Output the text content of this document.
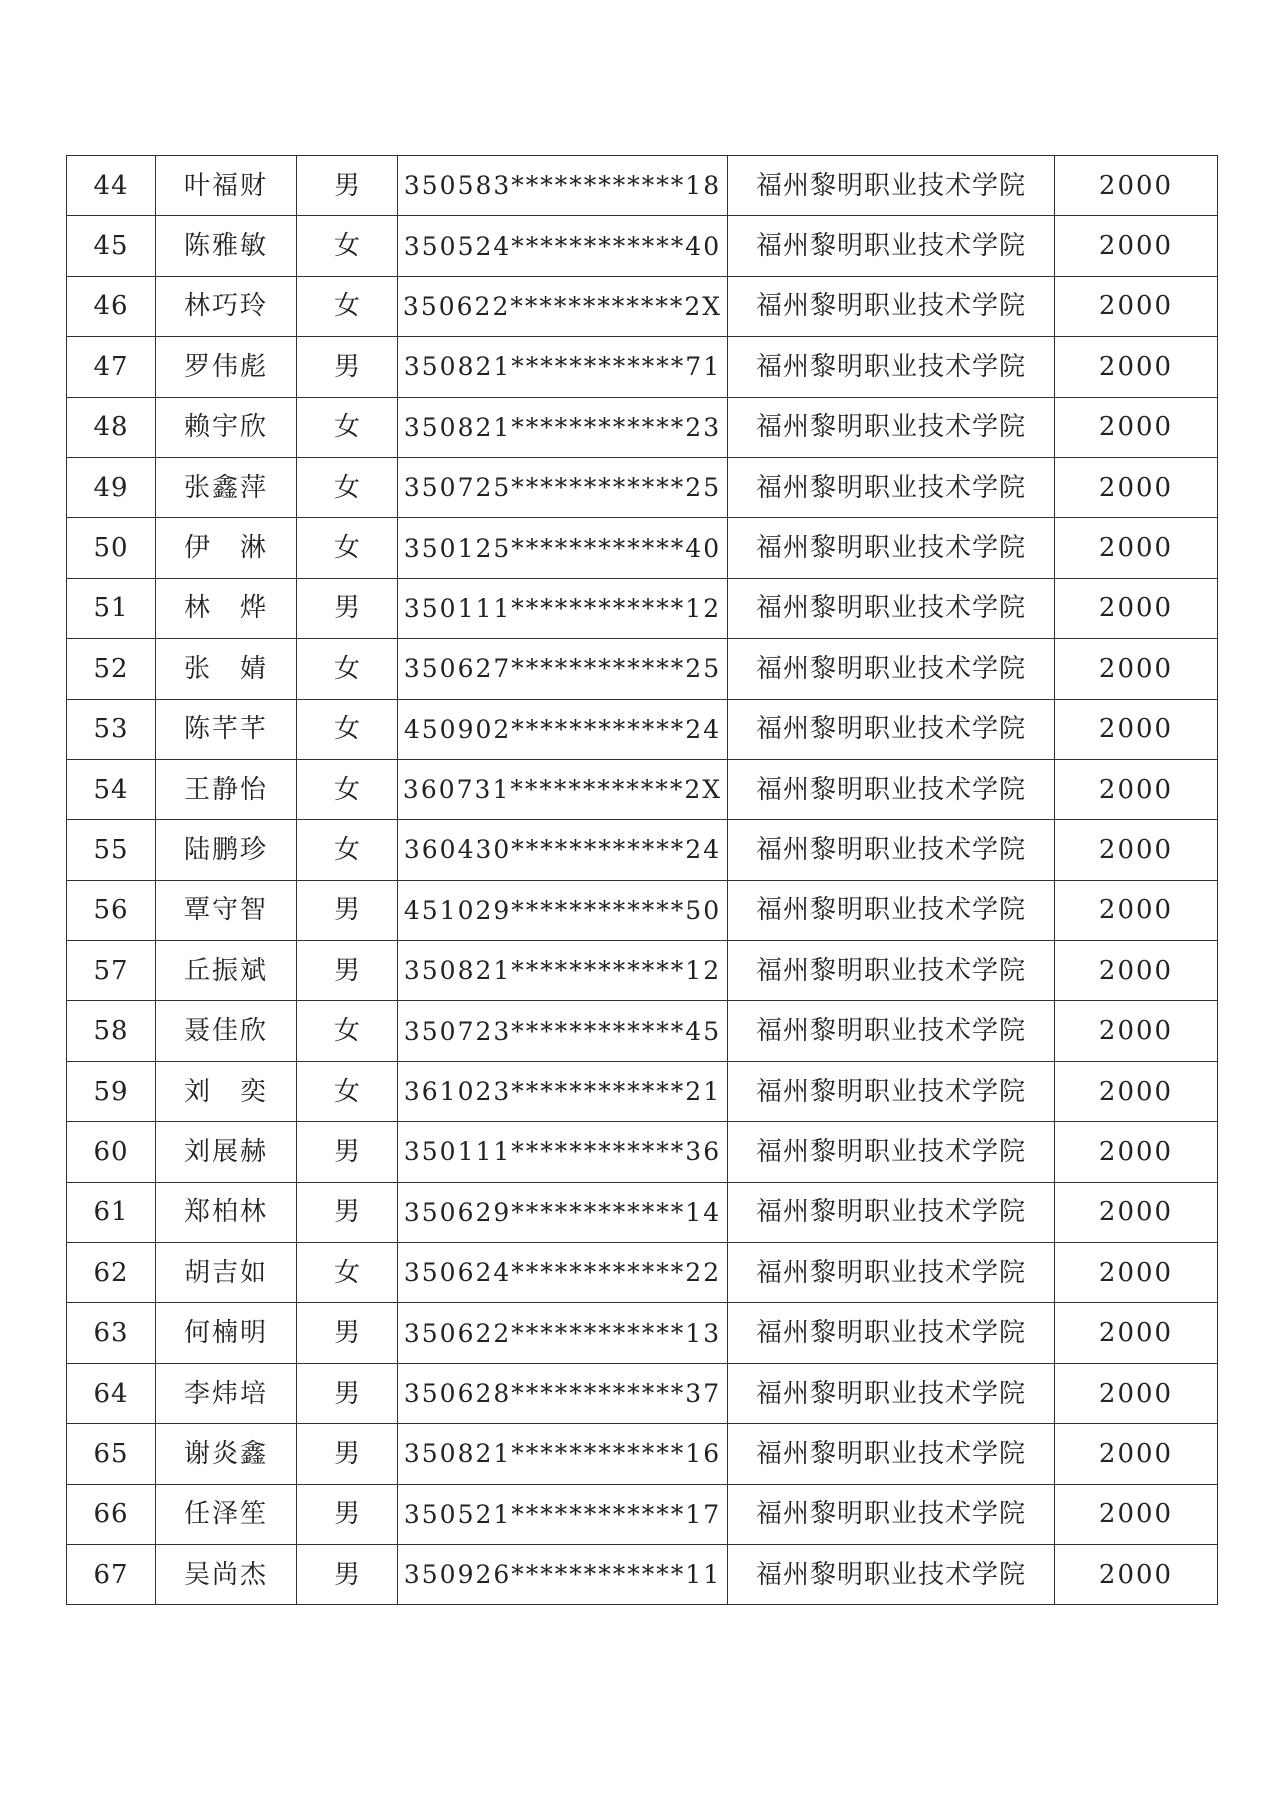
44	叶福财	男	350583************18	福州黎明职业技术学院	2000
45	陈雅敏	女	350524************40	福州黎明职业技术学院	2000
46	林巧玲	女	350622************2X	福州黎明职业技术学院	2000
47	罗伟彪	男	350821************71	福州黎明职业技术学院	2000
48	赖宇欣	女	350821************23	福州黎明职业技术学院	2000
49	张鑫萍	女	350725************25	福州黎明职业技术学院	2000
50	伊　淋	女	350125************40	福州黎明职业技术学院	2000
51	林　烨	男	350111************12	福州黎明职业技术学院	2000
52	张　婧	女	350627************25	福州黎明职业技术学院	2000
53	陈芊芊	女	450902************24	福州黎明职业技术学院	2000
54	王静怡	女	360731************2X	福州黎明职业技术学院	2000
55	陆鹏珍	女	360430************24	福州黎明职业技术学院	2000
56	覃守智	男	451029************50	福州黎明职业技术学院	2000
57	丘振斌	男	350821************12	福州黎明职业技术学院	2000
58	聂佳欣	女	350723************45	福州黎明职业技术学院	2000
59	刘　奕	女	361023************21	福州黎明职业技术学院	2000
60	刘展赫	男	350111************36	福州黎明职业技术学院	2000
61	郑柏林	男	350629************14	福州黎明职业技术学院	2000
62	胡吉如	女	350624************22	福州黎明职业技术学院	2000
63	何楠明	男	350622************13	福州黎明职业技术学院	2000
64	李炜培	男	350628************37	福州黎明职业技术学院	2000
65	谢炎鑫	男	350821************16	福州黎明职业技术学院	2000
66	任泽笙	男	350521************17	福州黎明职业技术学院	2000
67	吴尚杰	男	350926************11	福州黎明职业技术学院	2000
